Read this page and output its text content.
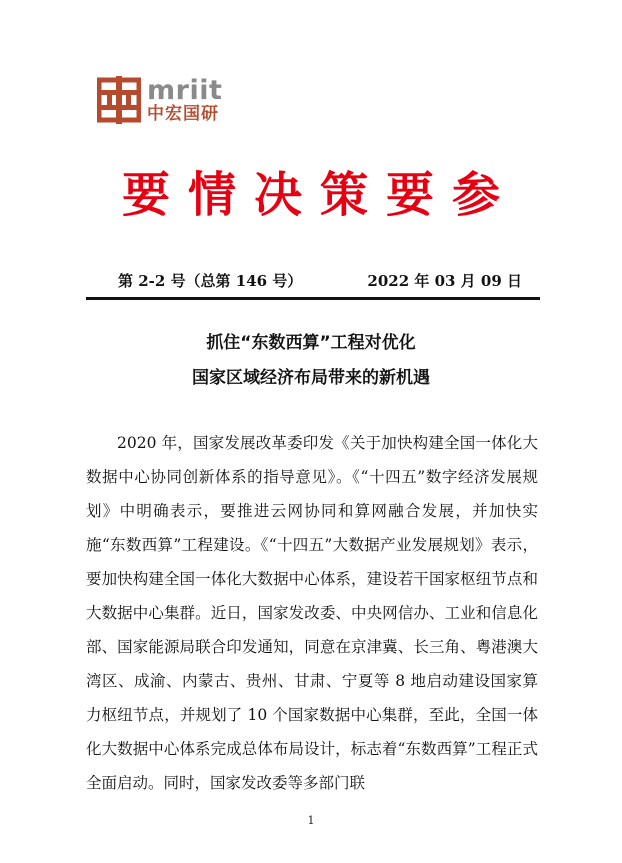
mriit
中宏国研
要情决策要参
第 2-2 号（总第 146 号）	2022 年 03 月 09 日
抓住“东数西算”工程对优化
国家区域经济布局带来的新机遇

2020 年，国家发展改革委印发《关于加快构建全国一体化大数据中心协同创新体系的指导意见》。《“十四五”数字经济发展规划》中明确表示，要推进云网协同和算网融合发展，并加快实施“东数西算”工程建设。《“十四五”大数据产业发展规划》表示，要加快构建全国一体化大数据中心体系，建设若干国家枢纽节点和大数据中心集群。近日，国家发改委、中央网信办、工业和信息化部、国家能源局联合印发通知，同意在京津冀、长三角、粤港澳大湾区、成渝、内蒙古、贵州、甘肃、宁夏等 8 地启动建设国家算力枢纽节点，并规划了 10 个国家数据中心集群，至此，全国一体化大数据中心体系完成总体布局设计，标志着“东数西算”工程正式全面启动。同时，国家发改委等多部门联

1
